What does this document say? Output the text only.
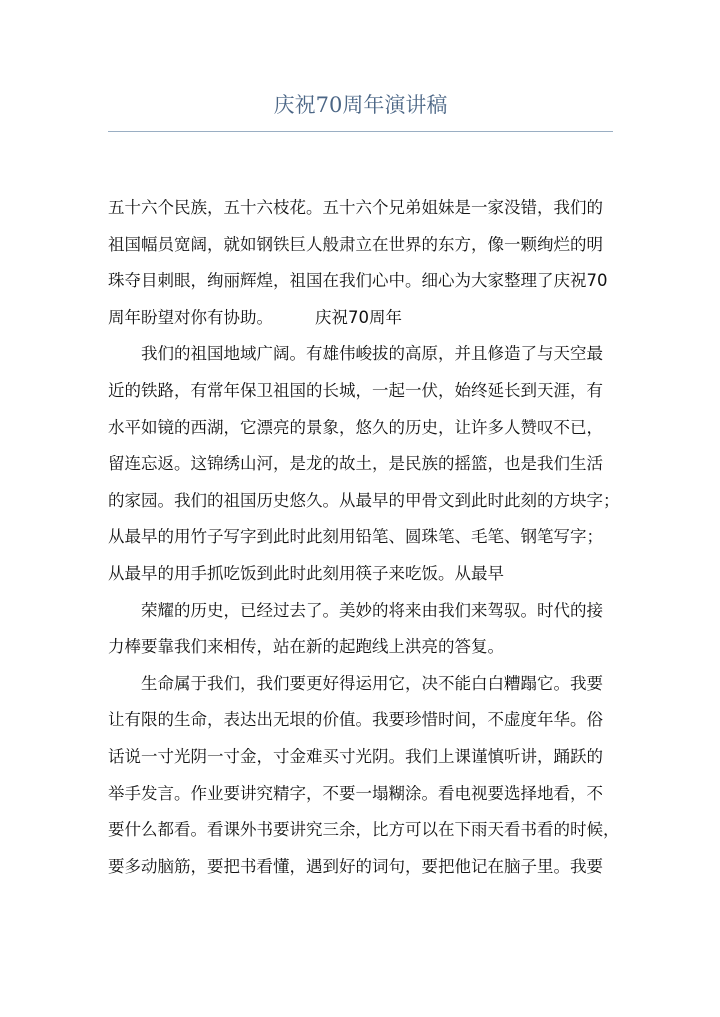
庆祝70周年演讲稿
五十六个民族，五十六枝花。五十六个兄弟姐妹是一家没错，我们的
祖国幅员宽阔，就如钢铁巨人般肃立在世界的东方，像一颗绚烂的明
珠夺目刺眼，绚丽辉煌，祖国在我们心中。细心为大家整理了庆祝70
周年盼望对你有协助。	庆祝70周年
我们的祖国地域广阔。有雄伟峻拔的高原，并且修造了与天空最
近的铁路，有常年保卫祖国的长城，一起一伏，始终延长到天涯，有
水平如镜的西湖，它漂亮的景象，悠久的历史，让许多人赞叹不已，
留连忘返。这锦绣山河，是龙的故土，是民族的摇篮，也是我们生活
的家园。我们的祖国历史悠久。从最早的甲骨文到此时此刻的方块字；
从最早的用竹子写字到此时此刻用铅笔、圆珠笔、毛笔、钢笔写字；
从最早的用手抓吃饭到此时此刻用筷子来吃饭。从最早
荣耀的历史，已经过去了。美妙的将来由我们来驾驭。时代的接
力棒要靠我们来相传，站在新的起跑线上洪亮的答复。
生命属于我们，我们要更好得运用它，决不能白白糟蹋它。我要
让有限的生命，表达出无垠的价值。我要珍惜时间，不虚度年华。俗
话说一寸光阴一寸金，寸金难买寸光阴。我们上课谨慎听讲，踊跃的
举手发言。作业要讲究精字，不要一塌糊涂。看电视要选择地看，不
要什么都看。看课外书要讲究三余，比方可以在下雨天看书看的时候，
要多动脑筋，要把书看懂，遇到好的词句，要把他记在脑子里。我要
